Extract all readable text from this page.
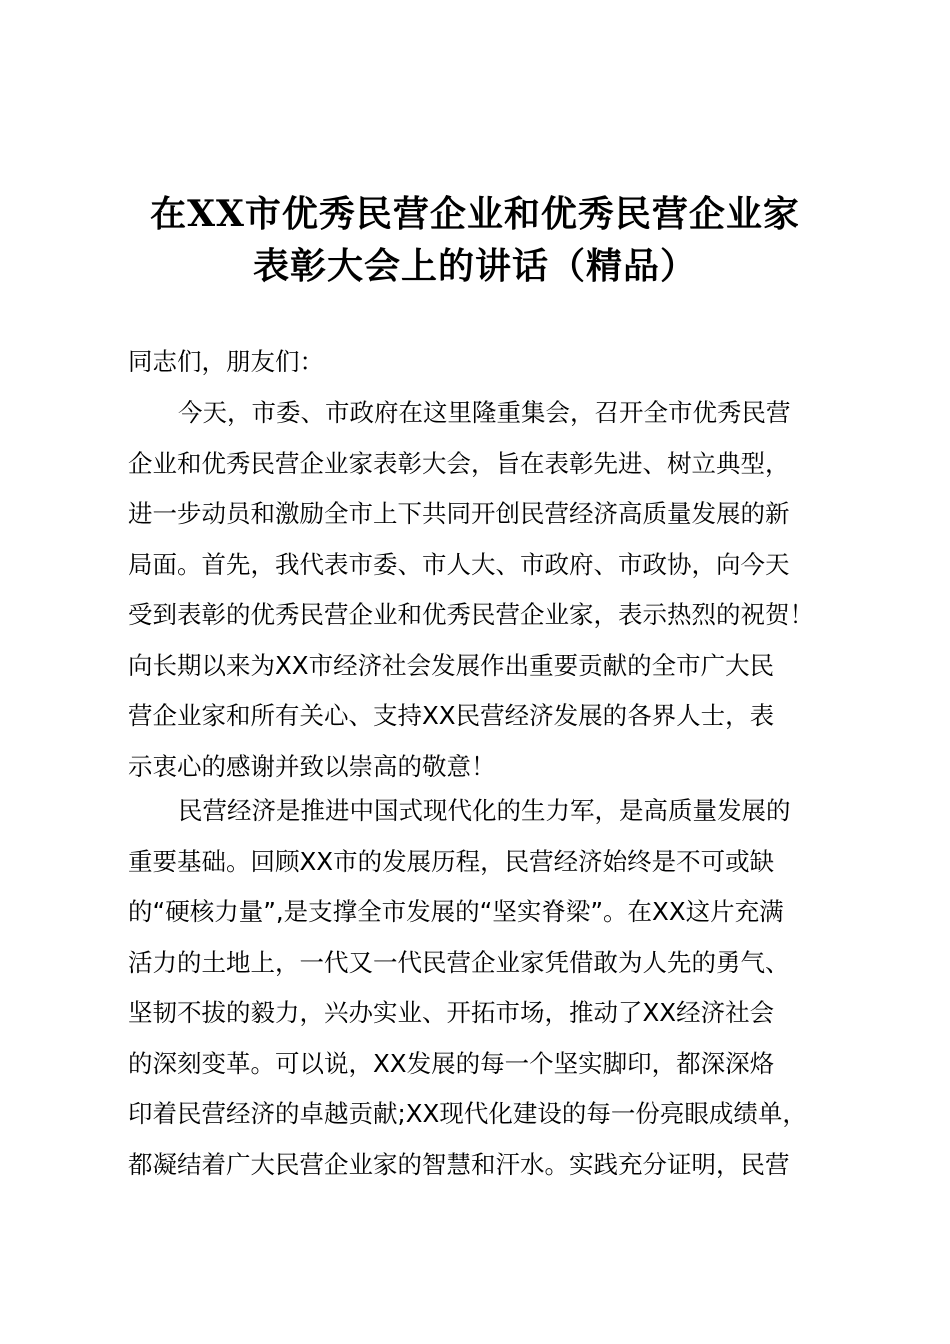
在XX市优秀民营企业和优秀民营企业家
表彰大会上的讲话（精品）
同志们，朋友们：
今天，市委、市政府在这里隆重集会，召开全市优秀民营
企业和优秀民营企业家表彰大会，旨在表彰先进、树立典型，
进一步动员和激励全市上下共同开创民营经济高质量发展的新
局面。首先，我代表市委、市人大、市政府、市政协，向今天
受到表彰的优秀民营企业和优秀民营企业家，表示热烈的祝贺！
向长期以来为XX市经济社会发展作出重要贡献的全市广大民
营企业家和所有关心、支持XX民营经济发展的各界人士，表
示衷心的感谢并致以崇高的敬意！
民营经济是推进中国式现代化的生力军，是高质量发展的
重要基础。回顾XX市的发展历程，民营经济始终是不可或缺
的“硬核力量”,是支撑全市发展的“坚实脊梁”。在XX这片充满
活力的土地上，一代又一代民营企业家凭借敢为人先的勇气、
坚韧不拔的毅力，兴办实业、开拓市场，推动了XX经济社会
的深刻变革。可以说，XX发展的每一个坚实脚印，都深深烙
印着民营经济的卓越贡献;XX现代化建设的每一份亮眼成绩单，
都凝结着广大民营企业家的智慧和汗水。实践充分证明，民营
